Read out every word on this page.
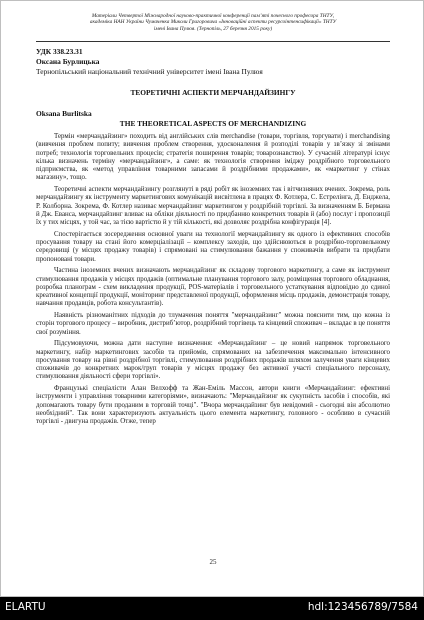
Матеріали Четвертої Міжнародної науково-практичної конференції пам’яті почесного професора ТНТУ,
академіка НАН України Чумаченка Миколи Григоровича «Інноваційні аспекти ресурсоінтенсифікації» ТНТУ
імені Івана Пулюя. (Тернопіль, 27 березня 2015 року)
УДК 338.23.31
Оксана Бурлицька
Тернопільський національний технічний університет імені Івана Пулюя
ТЕОРЕТИЧНІ АСПЕКТИ МЕРЧАНДАЙЗИНГУ
Oksana Burlitska
THE THEORETICAL ASPECTS OF MERCHANDIZING

Термін «мерчандайзинг» походить від англійських слів merchandise (товари, торгівля, торгувати) і merchandising (вивчення проблем попиту; вивчення проблем створення, удосконалення й розподілі товарів у зв’язку зі змінами потреб; технологія торговельних процесів; стратегія поширення товарів; товарознавство). У сучасній літературі існує кілька визначень терміну «мерчандайзинг», а саме: як технологія створення іміджу роздрібного торговельного підприємства, як «метод управління товарними запасами й роздрібними продажами», як «маркетинг у стінах магазину», тощо.

Теоретичні аспекти мерчандайзингу розглянуті в ряді робіт як іноземних так і вітчизняних вчених. Зокрема, роль мерчандайзингу як інструменту маркетингових комунікацій висвітлена в працях Ф. Котлера, С. Естрелінга, Д. Енджела, Р. Колборна. Зокрема, Ф. Котлер називає мерчандайзинг маркетингом у роздрібній торгівлі. За визначенням Б. Бермана й Дж. Еванса, мерчандайзинг вливає на обліки діяльності по придбанню конкретних товарів й (або) послуг і пропозиції їх у тих місцях, у той час, за тією вартістю й у тій кількості, які дозволяє роздрібна конфігурація [4].

Спостерігається зосередження основної уваги на технології мерчандайзингу як одного із ефективних способів просування товару на стані його комерціалізації – комплексу заходів, що здійснюються в роздрібно-торговельному середовищі (у місцях продажу товарів) і спрямовані на стимулювання бажання у споживачів вибрати та придбати пропоновані товари.

Частина іноземних вчених визначають мерчандайзинг як складову торгового маркетингу, а саме як інструмент стимулювання продажів у місцях продажів (оптимальне планування торгового залу, розміщення торгового обладнання, розробка планограм - схем викладення продукції, POS-матеріалів і торговельного устаткування відповідно до єдиної креативної концепції продукції, моніторинг представленої продукції, оформлення місць продажів, демонстрація товару, навчання продавців, робота консультантів).

Наявність різноманітних підходів до тлумачення поняття "мерчандайзинг" можна пояснити тим, що кожна із сторін торгового процесу – виробник, дистриб’ютор, роздрібний торгівець та кінцевий споживач – вкладає в це поняття свої розуміння.

Підсумовуючи, можна дати наступне визначення: «Мерчандайзинг – це новий напрямок торговельного маркетингу, набір маркетингових засобів та прийомів, спрямованих на забезпечення максимально інтенсивного просування товару на рівні роздрібної торгівлі, стимулювання роздрібних продажів шляхом залучення уваги кінцевих споживачів до конкретних марок/груп товарів у місцях продажу без активної участі спеціального персоналу, стимулювання діяльності сфери торгівлі».

Французькі спеціалісти Алан Велхофф та Жан-Еміль Массон, автори книги «Мерчандайзинг: ефективні інструменти і управління товарними категоріями», визначають: "Мерчандайзинг як сукупність засобів і способів, які допомагають товару бути проданим в торговій точці". "Вчора мерчандайзинг був невідомий - сьогодні він абсолютно необхідний". Так вони характеризують актуальність цього елемента маркетингу, головного - особливо в сучасній торгівлі - двигуна продажів. Отже, тепер

25
ELARTU	hdl:123456789/7584
